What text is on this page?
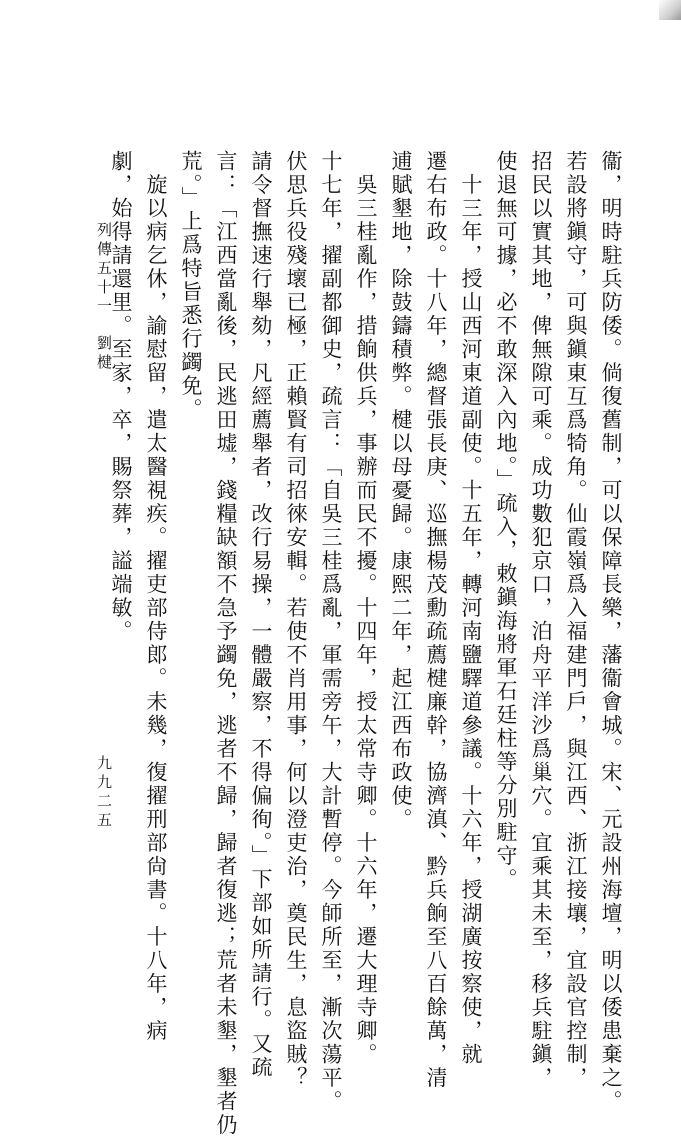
九九二五
列傳五十一
劉楗	衞，明時駐兵防倭。倘復舊制，可以保障長樂，藩衞會城。宋、元設州海壇，明以倭患棄之。
若設將鎭守，可與鎭東互爲犄角。仙霞嶺爲入福建門戶，與江西、浙江接壤，宜設官控制，
招民以實其地，俾無隙可乘。成功數犯京口，泊舟平洋沙爲巢穴。宜乘其未至，移兵駐鎭，
使退無可據，必不敢深入內地。」疏入，敕鎭海將軍石廷柱等分別駐守。
　十三年，授山西河東道副使。十五年，轉河南鹽驛道參議。十六年，授湖廣按察使，就
遷右布政。十八年，總督張長庚、巡撫楊茂勳疏薦楗廉幹，協濟滇、黔兵餉至八百餘萬，清
逋賦墾地，除鼓鑄積弊。楗以母憂歸。康熙二年，起江西布政使。
　吳三桂亂作，措餉供兵，事辦而民不擾。十四年，授太常寺卿。十六年，遷大理寺卿。
十七年，擢副都御史，疏言：「自吳三桂爲亂，軍需旁午，大計暫停。今師所至，漸次蕩平。
伏思兵役殘壞已極，正賴賢有司招徠安輯。若使不肖用事，何以澄吏治，奠民生，息盜賊？
請令督撫速行舉劾，凡經薦舉者，改行易操，一體嚴察，不得偏徇。」下部如所請行。又疏
言：「江西當亂後，民逃田墟，錢糧缺額不急予蠲免，逃者不歸，歸者復逃；荒者未墾，墾者仍
荒。」上爲特旨悉行蠲免。
　旋以病乞休，諭慰留，遣太醫視疾。擢吏部侍郎。未幾，復擢刑部尙書。十八年，病
劇，始得請還里。至家，卒，賜祭葬，謚端敏。
